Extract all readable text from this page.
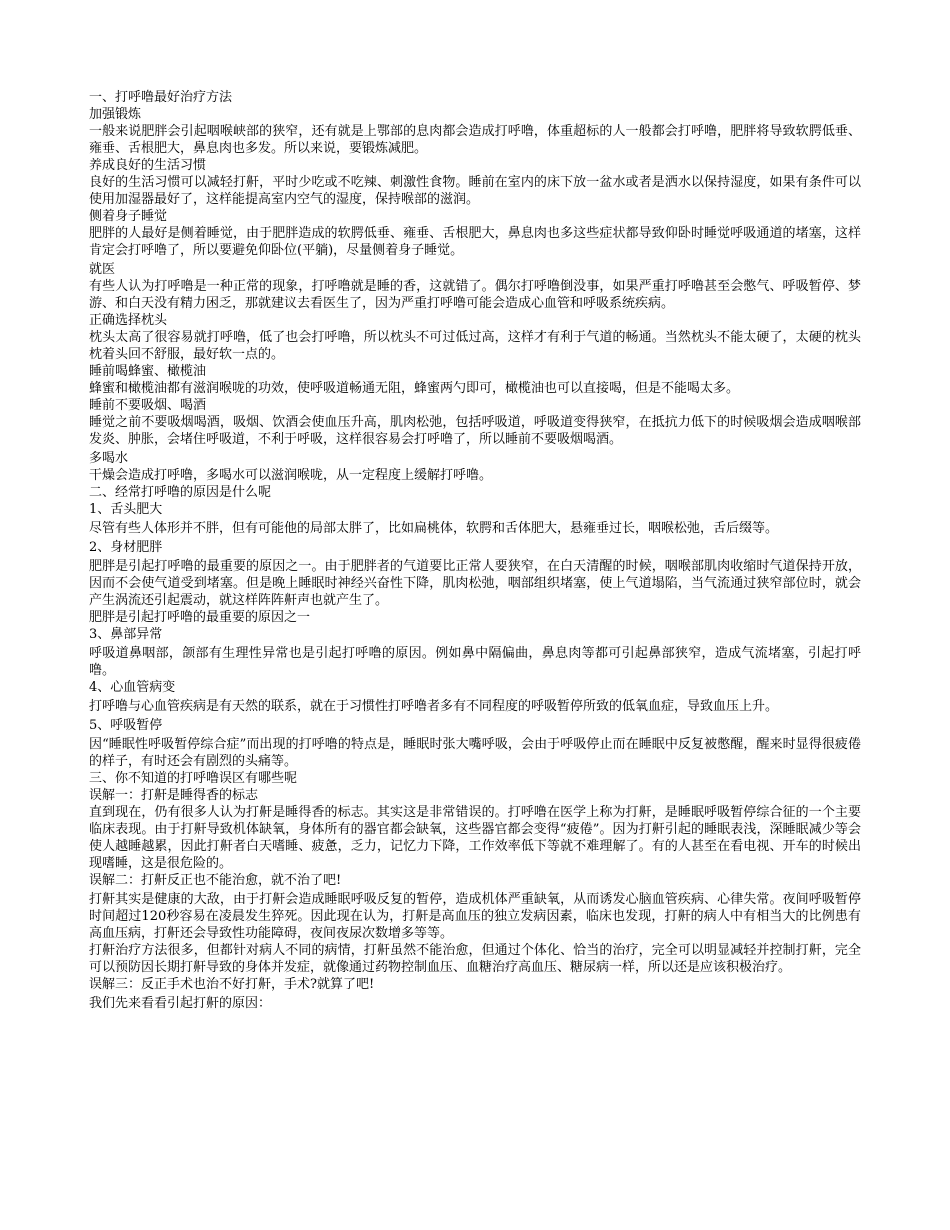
一、打呼噜最好治疗方法
加强锻炼
一般来说肥胖会引起咽喉峡部的狭窄，还有就是上鄂部的息肉都会造成打呼噜，体重超标的人一般都会打呼噜，肥胖将导致软腭低垂、雍垂、舌根肥大，鼻息肉也多发。所以来说，要锻炼减肥。
养成良好的生活习惯
良好的生活习惯可以减轻打鼾，平时少吃或不吃辣、刺激性食物。睡前在室内的床下放一盆水或者是洒水以保持湿度，如果有条件可以使用加湿器最好了，这样能提高室内空气的湿度，保持喉部的滋润。
侧着身子睡觉
肥胖的人最好是侧着睡觉，由于肥胖造成的软腭低垂、雍垂、舌根肥大，鼻息肉也多这些症状都导致仰卧时睡觉呼吸通道的堵塞，这样肯定会打呼噜了，所以要避免仰卧位(平躺)，尽量侧着身子睡觉。
就医
有些人认为打呼噜是一种正常的现象，打呼噜就是睡的香，这就错了。偶尔打呼噜倒没事，如果严重打呼噜甚至会憋气、呼吸暂停、梦游、和白天没有精力困乏，那就建议去看医生了，因为严重打呼噜可能会造成心血管和呼吸系统疾病。
正确选择枕头
枕头太高了很容易就打呼噜，低了也会打呼噜，所以枕头不可过低过高，这样才有利于气道的畅通。当然枕头不能太硬了，太硬的枕头枕着头回不舒服，最好软一点的。
睡前喝蜂蜜、橄榄油
蜂蜜和橄榄油都有滋润喉咙的功效，使呼吸道畅通无阻，蜂蜜两勺即可，橄榄油也可以直接喝，但是不能喝太多。
睡前不要吸烟、喝酒
睡觉之前不要吸烟喝酒，吸烟、饮酒会使血压升高，肌肉松弛，包括呼吸道，呼吸道变得狭窄，在抵抗力低下的时候吸烟会造成咽喉部发炎、肿胀，会堵住呼吸道，不利于呼吸，这样很容易会打呼噜了，所以睡前不要吸烟喝酒。
多喝水
干燥会造成打呼噜，多喝水可以滋润喉咙，从一定程度上缓解打呼噜。
二、经常打呼噜的原因是什么呢
1、舌头肥大
尽管有些人体形并不胖，但有可能他的局部太胖了，比如扁桃体，软腭和舌体肥大，悬雍垂过长，咽喉松弛，舌后缀等。
2、身材肥胖
肥胖是引起打呼噜的最重要的原因之一。由于肥胖者的气道要比正常人要狭窄，在白天清醒的时候，咽喉部肌肉收缩时气道保持开放，因而不会使气道受到堵塞。但是晚上睡眠时神经兴奋性下降，肌肉松弛，咽部组织堵塞，使上气道塌陷，当气流通过狭窄部位时，就会产生涡流还引起震动，就这样阵阵鼾声也就产生了。
肥胖是引起打呼噜的最重要的原因之一
3、鼻部异常
呼吸道鼻咽部，颌部有生理性异常也是引起打呼噜的原因。例如鼻中隔偏曲，鼻息肉等都可引起鼻部狭窄，造成气流堵塞，引起打呼噜。
4、心血管病变
打呼噜与心血管疾病是有天然的联系，就在于习惯性打呼噜者多有不同程度的呼吸暂停所致的低氧血症，导致血压上升。
5、呼吸暂停
因“睡眠性呼吸暂停综合症”而出现的打呼噜的特点是，睡眠时张大嘴呼吸，会由于呼吸停止而在睡眠中反复被憋醒，醒来时显得很疲倦的样子，有时还会有剧烈的头痛等。
三、你不知道的打呼噜误区有哪些呢
误解一：打鼾是睡得香的标志
直到现在，仍有很多人认为打鼾是睡得香的标志。其实这是非常错误的。打呼噜在医学上称为打鼾，是睡眠呼吸暂停综合征的一个主要临床表现。由于打鼾导致机体缺氧，身体所有的器官都会缺氧，这些器官都会变得“疲倦”。因为打鼾引起的睡眠表浅，深睡眠减少等会使人越睡越累，因此打鼾者白天嗜睡、疲惫，乏力，记忆力下降，工作效率低下等就不难理解了。有的人甚至在看电视、开车的时候出现嗜睡，这是很危险的。
误解二：打鼾反正也不能治愈，就不治了吧!
打鼾其实是健康的大敌，由于打鼾会造成睡眠呼吸反复的暂停，造成机体严重缺氧，从而诱发心脑血管疾病、心律失常。夜间呼吸暂停时间超过120秒容易在凌晨发生猝死。因此现在认为，打鼾是高血压的独立发病因素，临床也发现，打鼾的病人中有相当大的比例患有高血压病，打鼾还会导致性功能障碍，夜间夜尿次数增多等等。
打鼾治疗方法很多，但都针对病人不同的病情，打鼾虽然不能治愈，但通过个体化、恰当的治疗，完全可以明显减轻并控制打鼾，完全可以预防因长期打鼾导致的身体并发症，就像通过药物控制血压、血糖治疗高血压、糖尿病一样，所以还是应该积极治疗。
误解三：反正手术也治不好打鼾，手术?就算了吧!
我们先来看看引起打鼾的原因：
